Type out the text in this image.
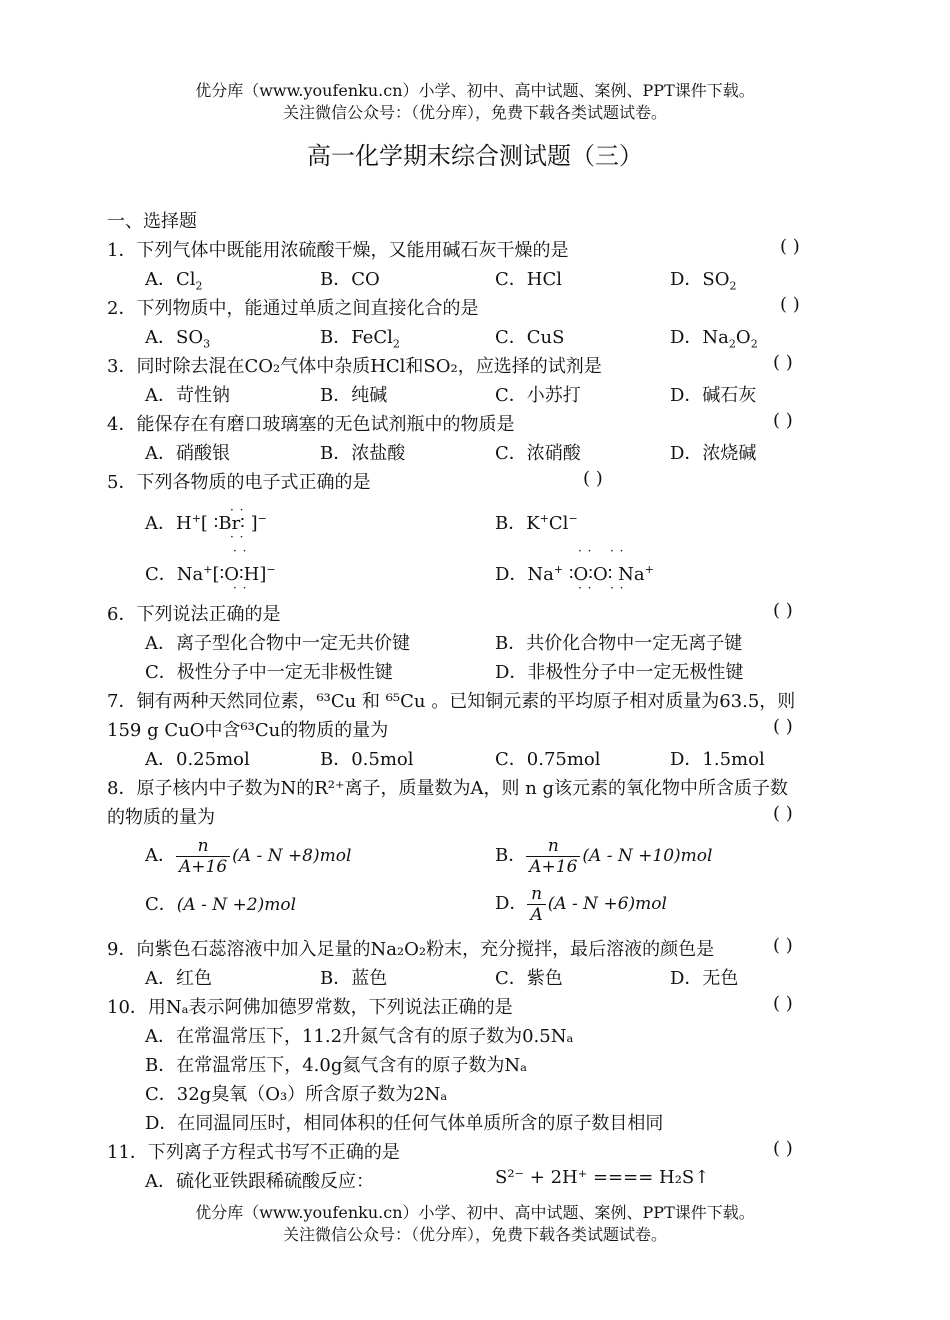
优分库（www.youfenku.cn）小学、初中、高中试题、案例、PPT课件下载。
关注微信公众号：（优分库），免费下载各类试题试卷。
高一化学期末综合测试题（三）
一、选择题
1．下列气体中既能用浓硫酸干燥，又能用碱石灰干燥的是	( )
A．$Cl_2$	B．CO	C．HCl	D．$SO_2$
2．下列物质中，能通过单质之间直接化合的是	( )
A．$SO_3$	B．FeCl$_2$	C．CuS	D．$Na_2O_2$
3．同时除去混在CO₂气体中杂质HCl和SO₂，应选择的试剂是	( )
A．苛性钠	B．纯碱	C．小苏打	D．碱石灰
4．能保存在有磨口玻璃塞的无色试剂瓶中的物质是	( )
A．硝酸银	B．浓盐酸	C．浓硝酸	D．浓烧碱
5．下列各物质的电子式正确的是	( )
· ·
A．H+[ ∶Br∶ ]−
· ·
B．K+Cl−
· ·
C．Na+[∶O∶H]−
· ·
· · · ·
D．Na+ ∶O∶O∶ Na+
· · · ·
6．下列说法正确的是	( )
A．离子型化合物中一定无共价键	B．共价化合物中一定无离子键
C．极性分子中一定无非极性键	D．非极性分子中一定无极性键
7．铜有两种天然同位素，⁶³Cu 和 ⁶⁵Cu 。已知铜元素的平均原子相对质量为63.5，则
159 g CuO中含⁶³Cu的物质的量为	( )
A．0.25mol	B．0.5mol	C．0.75mol	D．1.5mol
8．原子核内中子数为N的R²⁺离子，质量数为A，则 n g该元素的氧化物中所含质子数
的物质的量为	( )
A． $\frac{n}{A+16} (A - N +8)mol$	B． $\frac{n}{A+16} (A - N +10)mol$
C．(A - N +2)mol	D． $\frac{n}{A} (A - N +6)mol$
9．向紫色石蕊溶液中加入足量的Na₂O₂粉末，充分搅拌，最后溶液的颜色是	( )
A．红色	B．蓝色	C．紫色	D．无色
10．用Nₐ表示阿佛加德罗常数，下列说法正确的是	( )
A．在常温常压下，11.2升氮气含有的原子数为0.5Nₐ
B．在常温常压下，4.0g氦气含有的原子数为Nₐ
C．32g臭氧（O₃）所含原子数为2Nₐ
D．在同温同压时，相同体积的任何气体单质所含的原子数目相同
11．下列离子方程式书写不正确的是	( )
A．硫化亚铁跟稀硫酸反应：	S²⁻ + 2H⁺ ==== H₂S↑
优分库（www.youfenku.cn）小学、初中、高中试题、案例、PPT课件下载。
关注微信公众号：（优分库），免费下载各类试题试卷。
